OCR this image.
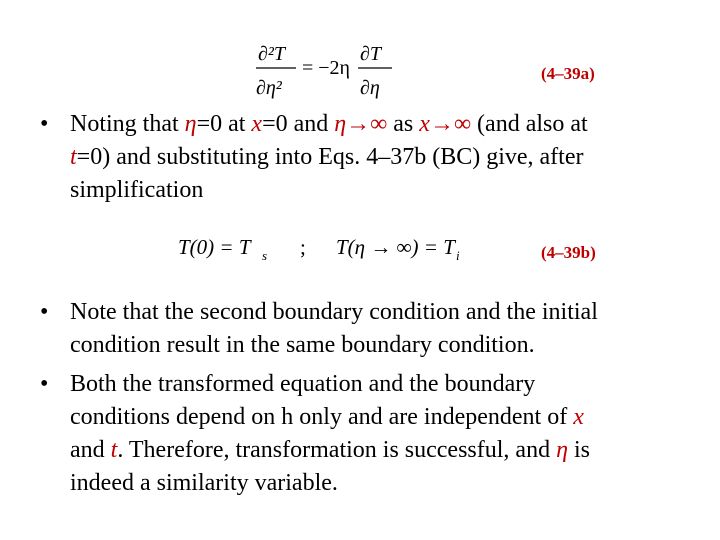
∂²T
∂η²
= −2η
∂T
∂η
(4–39a)
• Noting that η=0 at x=0 and η→∞ as x→∞ (and also at
t=0) and substituting into Eqs. 4–37b (BC) give, after
simplification
T(0) = T s ; T(η → ∞) = T i	(4–39b)
• Note that the second boundary condition and the initial
condition result in the same boundary condition.
• Both the transformed equation and the boundary
conditions depend on h only and are independent of x
and t. Therefore, transformation is successful, and η is
indeed a similarity variable.
